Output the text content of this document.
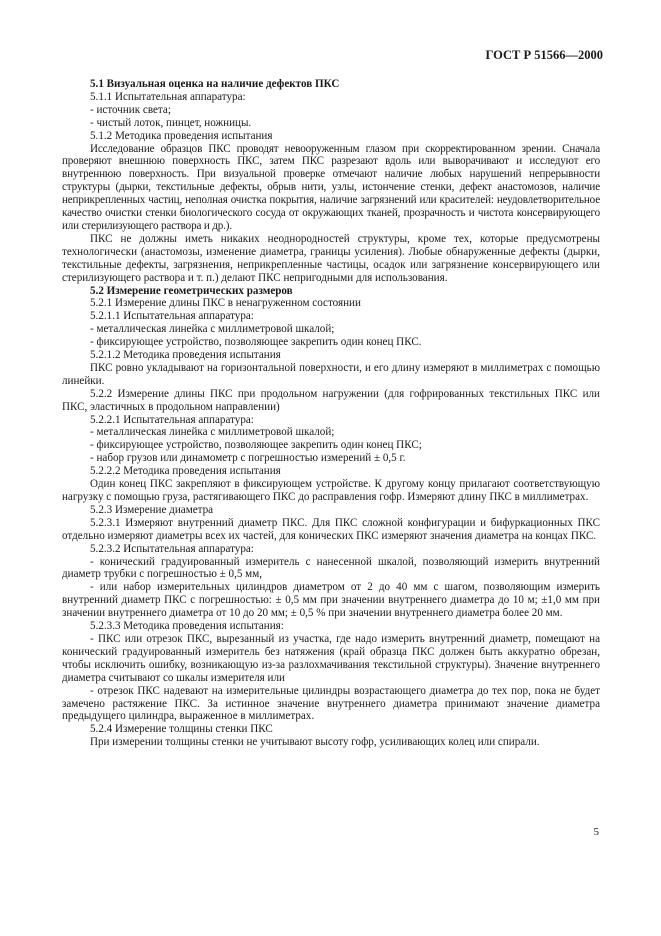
ГОСТ Р 51566—2000

5.1 Визуальная оценка на наличие дефектов ПКС

5.1.1 Испытательная аппаратура:

- источник света;

- чистый лоток, пинцет, ножницы.

5.1.2 Методика проведения испытания

Исследование образцов ПКС проводят невооруженным глазом при скорректированном зрении. Сначала проверяют внешнюю поверхность ПКС, затем ПКС разрезают вдоль или выворачивают и исследуют его внутреннюю поверхность. При визуальной проверке отмечают наличие любых нарушений непрерывности структуры (дырки, текстильные дефекты, обрыв нити, узлы, истончение стенки, дефект анастомозов, наличие неприкрепленных частиц, неполная очистка покрытия, наличие загрязнений или красителей: неудовлетворительное качество очистки стенки биологического сосуда от окружающих тканей, прозрачность и чистота консервирующего или стерилизующего раствора и др.).

ПКС не должны иметь никаких неоднородностей структуры, кроме тех, которые предусмотрены технологически (анастомозы, изменение диаметра, границы усиления). Любые обнаруженные дефекты (дырки, текстильные дефекты, загрязнения, неприкрепленные частицы, осадок или загрязнение консервирующего или стерилизующего раствора и т. п.) делают ПКС непригодными для использования.

5.2 Измерение геометрических размеров

5.2.1 Измерение длины ПКС в ненагруженном состоянии

5.2.1.1 Испытательная аппаратура:

- металлическая линейка с миллиметровой шкалой;

- фиксирующее устройство, позволяющее закрепить один конец ПКС.

5.2.1.2 Методика проведения испытания

ПКС ровно укладывают на горизонтальной поверхности, и его длину измеряют в миллиметрах с помощью линейки.

5.2.2 Измерение длины ПКС при продольном нагружении (для гофрированных текстильных ПКС или ПКС, эластичных в продольном направлении)

5.2.2.1 Испытательная аппаратура:

- металлическая линейка с миллиметровой шкалой;

- фиксирующее устройство, позволяющее закрепить один конец ПКС;

- набор грузов или динамометр с погрешностью измерений ± 0,5 г.

5.2.2.2 Методика проведения испытания

Один конец ПКС закрепляют в фиксирующем устройстве. К другому концу прилагают соответствующую нагрузку с помощью груза, растягивающего ПКС до расправления гофр. Измеряют длину ПКС в миллиметрах.

5.2.3 Измерение диаметра

5.2.3.1 Измеряют внутренний диаметр ПКС. Для ПКС сложной конфигурации и бифуркационных ПКС отдельно измеряют диаметры всех их частей, для конических ПКС измеряют значения диаметра на концах ПКС.

5.2.3.2 Испытательная аппаратура:

- конический градуированный измеритель с нанесенной шкалой, позволяющий измерить внутренний диаметр трубки с погрешностью ± 0,5 мм,

- или набор измерительных цилиндров диаметром от 2 до 40 мм с шагом, позволяющим измерить внутренний диаметр ПКС с погрешностью: ± 0,5 мм при значении внутреннего диаметра до 10 м; ±1,0 мм при значении внутреннего диаметра от 10 до 20 мм; ± 0,5 % при значении внутреннего диаметра более 20 мм.

5.2.3.3 Методика проведения испытания:

- ПКС или отрезок ПКС, вырезанный из участка, где надо измерить внутренний диаметр, помещают на конический градуированный измеритель без натяжения (край образца ПКС должен быть аккуратно обрезан, чтобы исключить ошибку, возникающую из-за разлохмачивания текстильной структуры). Значение внутреннего диаметра считывают со шкалы измерителя или

- отрезок ПКС надевают на измерительные цилиндры возрастающего диаметра до тех пор, пока не будет замечено растяжение ПКС. За истинное значение внутреннего диаметра принимают значение диаметра предыдущего цилиндра, выраженное в миллиметрах.

5.2.4 Измерение толщины стенки ПКС

При измерении толщины стенки не учитывают высоту гофр, усиливающих колец или спирали.

5
